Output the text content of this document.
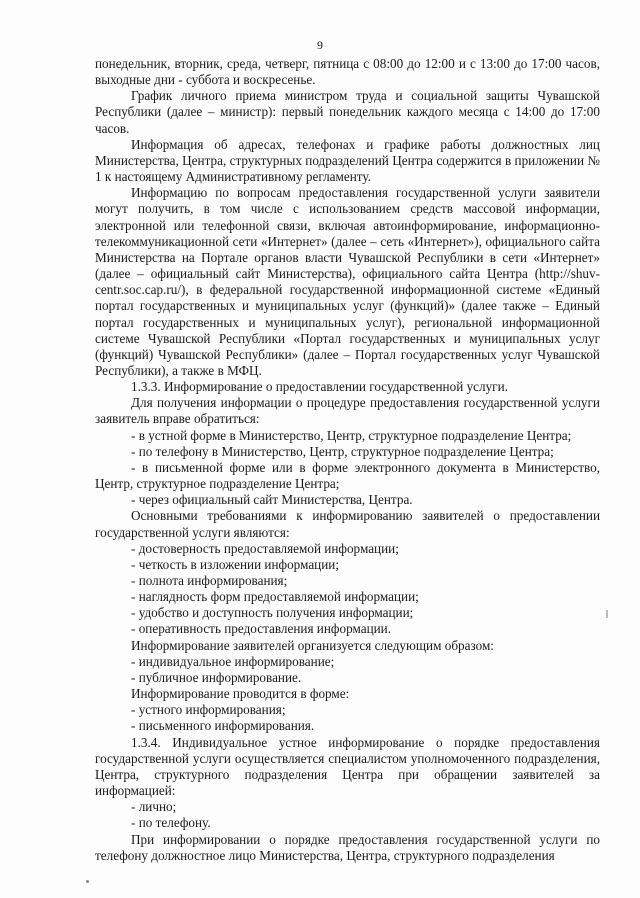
9

понедельник, вторник, среда, четверг, пятница с 08:00 до 12:00 и с 13:00 до 17:00 часов, выходные дни - суббота и воскресенье.

График личного приема министром труда и социальной защиты Чувашской Республики (далее – министр): первый понедельник каждого месяца с 14:00 до 17:00 часов.

Информация об адресах, телефонах и графике работы должностных лиц Министерства, Центра, структурных подразделений Центра содержится в приложении № 1 к настоящему Административному регламенту.

Информацию по вопросам предоставления государственной услуги заявители могут получить, в том числе с использованием средств массовой информации, электронной или телефонной связи, включая автоинформирование, информационно-телекоммуникационной сети «Интернет» (далее – сеть «Интернет»), официального сайта Министерства на Портале органов власти Чувашской Республики в сети «Интернет» (далее – официальный сайт Министерства), официального сайта Центра (http://shuv-centr.soc.cap.ru/), в федеральной государственной информационной системе «Единый портал государственных и муниципальных услуг (функций)» (далее также – Единый портал государственных и муниципальных услуг), региональной информационной системе Чувашской Республики «Портал государственных и муниципальных услуг (функций) Чувашской Республики» (далее – Портал государственных услуг Чувашской Республики), а также в МФЦ.

1.3.3. Информирование о предоставлении государственной услуги.

Для получения информации о процедуре предоставления государственной услуги заявитель вправе обратиться:

- в устной форме в Министерство, Центр, структурное подразделение Центра;

- по телефону в Министерство, Центр, структурное подразделение Центра;

- в письменной форме или в форме электронного документа в Министерство, Центр, структурное подразделение Центра;

- через официальный сайт Министерства, Центра.

Основными требованиями к информированию заявителей о предоставлении государственной услуги являются:

- достоверность предоставляемой информации;

- четкость в изложении информации;

- полнота информирования;

- наглядность форм предоставляемой информации;

- удобство и доступность получения информации;

- оперативность предоставления информации.

Информирование заявителей организуется следующим образом:

- индивидуальное информирование;

- публичное информирование.

Информирование проводится в форме:

- устного информирования;

- письменного информирования.

1.3.4. Индивидуальное устное информирование о порядке предоставления государственной услуги осуществляется специалистом уполномоченного подразделения, Центра, структурного подразделения Центра при обращении заявителей за информацией:

- лично;

- по телефону.

При информировании о порядке предоставления государственной услуги по телефону должностное лицо Министерства, Центра, структурного подразделения
